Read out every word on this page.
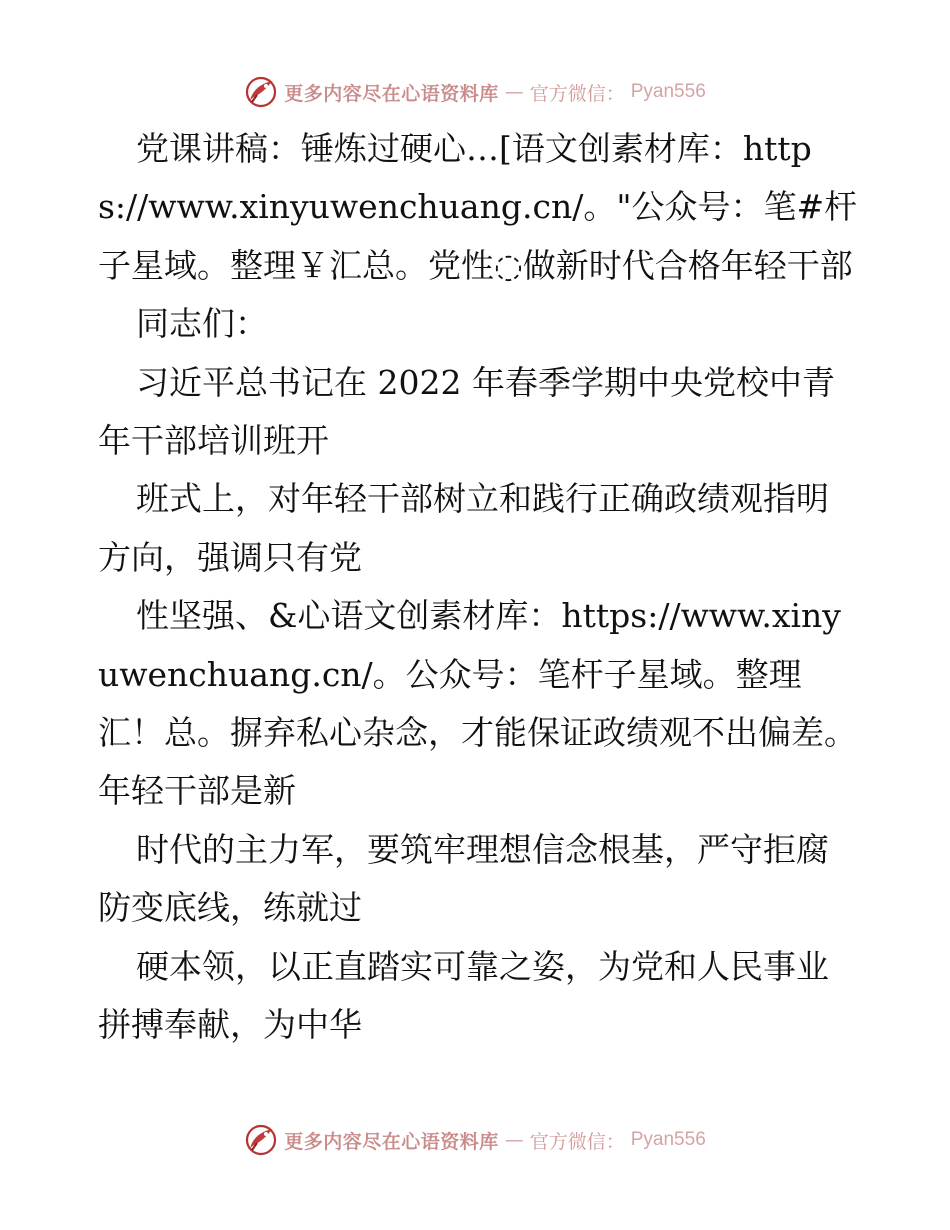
更多内容尽在心语资料库 — 官方微信： Pyan556

党课讲稿：锤炼过硬心…[语文创素材库：https://www.xinyuwenchuang.cn/。"公众号：笔#杆子星域。整理￥汇总。党性◌做新时代合格年轻干部

同志们：

习近平总书记在 2022 年春季学期中央党校中青年干部培训班开

班式上，对年轻干部树立和践行正确政绩观指明方向，强调只有党

性坚强、&心语文创素材库：https://www.xinyuwenchuang.cn/。公众号：笔杆子星域。整理汇！总。摒弃私心杂念，才能保证政绩观不出偏差。年轻干部是新

时代的主力军，要筑牢理想信念根基，严守拒腐防变底线，练就过

硬本领，以正直踏实可靠之姿，为党和人民事业拼搏奉献，为中华

更多内容尽在心语资料库 — 官方微信： Pyan556
